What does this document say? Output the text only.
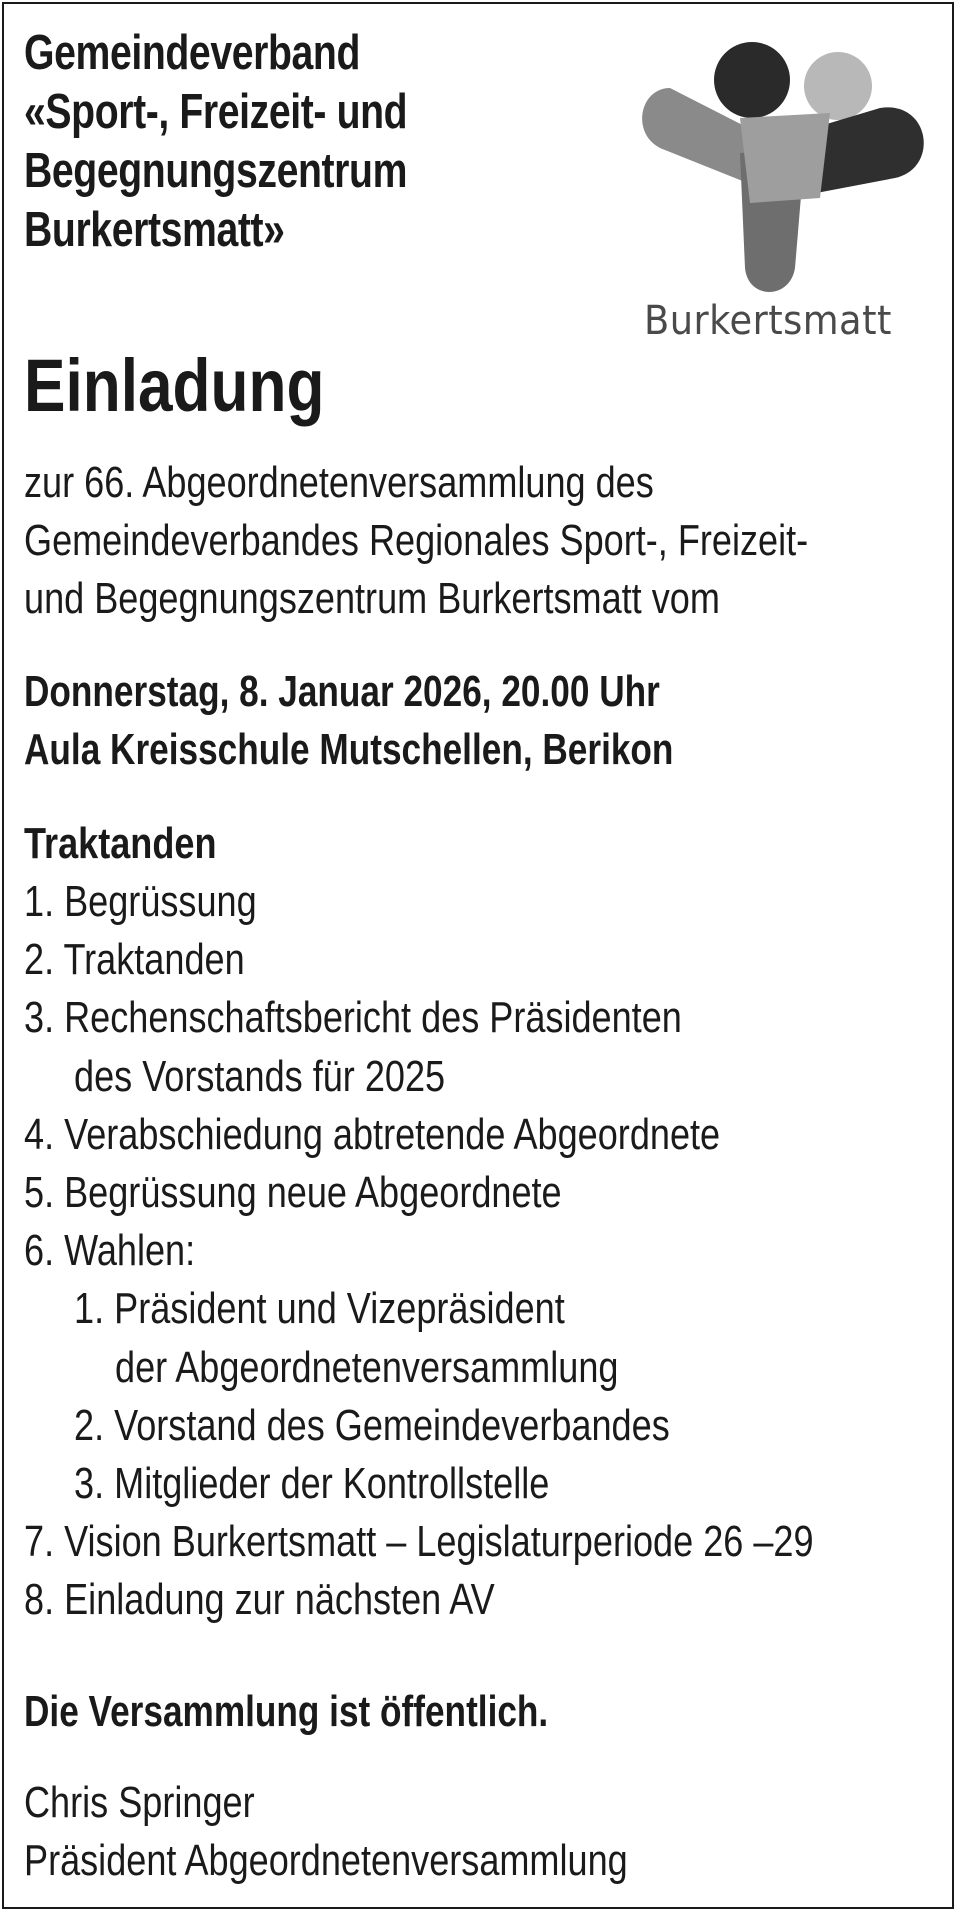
Gemeindeverband
«Sport-, Freizeit- und
Begegnungszentrum
Burkertsmatt»

Burkertsmatt

Einladung
zur 66. Abgeordnetenversammlung des
Gemeindeverbandes Regionales Sport-, Freizeit-
und Begegnungszentrum Burkertsmatt vom
Donnerstag, 8. Januar 2026, 20.00 Uhr
Aula Kreisschule Mutschellen, Berikon
Traktanden
1. Begrüssung
2. Traktanden
3. Rechenschaftsbericht des Präsidenten
des Vorstands für 2025
4. Verabschiedung abtretende Abgeordnete
5. Begrüssung neue Abgeordnete
6. Wahlen:
1. Präsident und Vizepräsident
der Abgeordnetenversammlung
2. Vorstand des Gemeindeverbandes
3. Mitglieder der Kontrollstelle
7. Vision Burkertsmatt – Legislaturperiode 26 –29
8. Einladung zur nächsten AV
Die Versammlung ist öffentlich.
Chris Springer
Präsident Abgeordnetenversammlung
